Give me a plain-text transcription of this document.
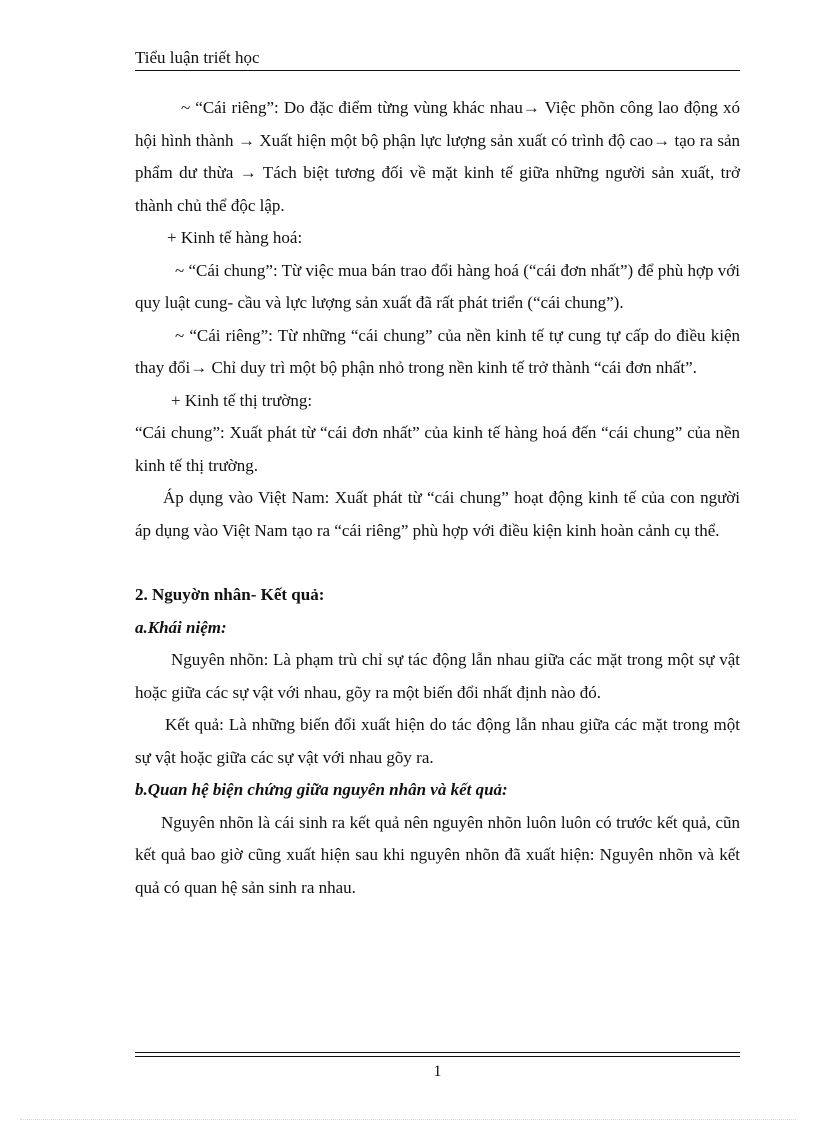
Tiểu luận triết học

~ “Cái riêng”: Do đặc điểm từng vùng khác nhau→ Việc phõn công lao động xó hội hình thành → Xuất hiện một bộ phận lực lượng sản xuất có trình độ cao→ tạo ra sản phẩm dư thừa → Tách biệt tương đối về mặt kinh tế giữa những người sản xuất, trở thành chủ thể độc lập.

+ Kinh tế hàng hoá:

~ “Cái chung”: Từ việc mua bán trao đổi hàng hoá (“cái đơn nhất”) để phù hợp với quy luật cung- cầu và lực lượng sản xuất đã rất phát triển (“cái chung”).

~ “Cái riêng”: Từ những “cái chung” của nền kinh tế tự cung tự cấp do điều kiện thay đổi→ Chỉ duy trì một bộ phận nhỏ trong nền kinh tế trở thành “cái đơn nhất”.

+ Kinh tế thị trường:

“Cái chung”: Xuất phát từ “cái đơn nhất” của kinh tế hàng hoá đến “cái chung” của nền kinh tế thị trường.

Áp dụng vào Việt Nam: Xuất phát từ “cái chung” hoạt động kinh tế của con người áp dụng vào Việt Nam tạo ra “cái riêng” phù hợp với điều kiện kinh hoàn cảnh cụ thể.

2. Nguyờn nhân- Kết quả:

a.Khái niệm:

Nguyên nhõn: Là phạm trù chỉ sự tác động lẫn nhau giữa các mặt trong một sự vật hoặc giữa các sự vật với nhau, gõy ra một biến đổi nhất định nào đó.

Kết quả: Là những biến đổi xuất hiện do tác động lẫn nhau giữa các mặt trong một sự vật hoặc giữa các sự vật với nhau gõy ra.

b.Quan hệ biện chứng giữa nguyên nhân và kết quả:

Nguyên nhõn là cái sinh ra kết quả nên nguyên nhõn luôn luôn có trước kết quả, cũn kết quả bao giờ cũng xuất hiện sau khi nguyên nhõn đã xuất hiện: Nguyên nhõn và kết quả có quan hệ sản sinh ra nhau.

1
